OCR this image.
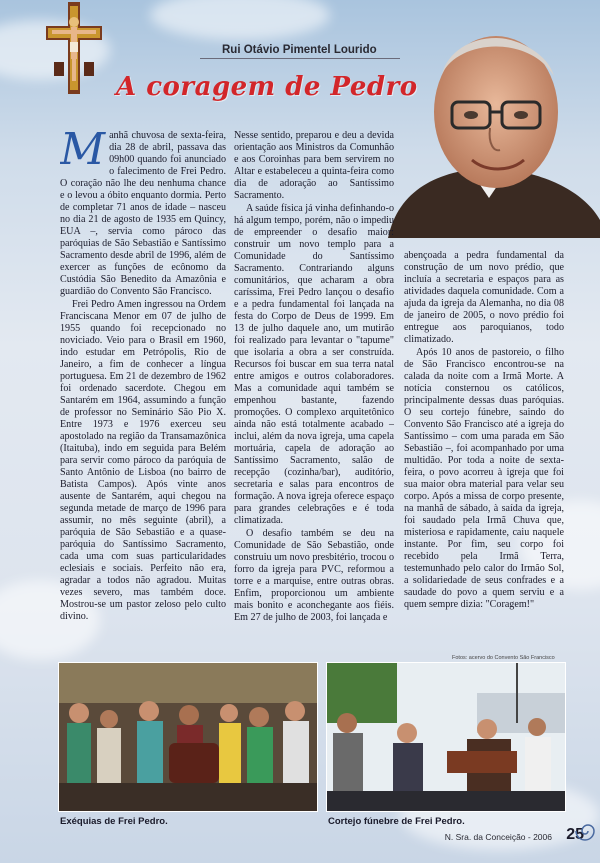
Rui Otávio Pimentel Lourido
A coragem de Pedro

Manhã chuvosa de sexta-feira, dia 28 de abril, passava das 09h00 quando foi anunciado o falecimento de Frei Pedro. O coração não lhe deu nenhuma chance e o levou a óbito enquanto dormia. Perto de completar 71 anos de idade – nasceu no dia 21 de agosto de 1935 em Quincy, EUA –, servia como pároco das paróquias de São Sebastião e Santíssimo Sacramento desde abril de 1996, além de exercer as funções de ecônomo da Custódia São Benedito da Amazônia e guardião do Convento São Francisco.

Frei Pedro Amen ingressou na Ordem Franciscana Menor em 07 de julho de 1955 quando foi recepcionado no noviciado. Veio para o Brasil em 1960, indo estudar em Petrópolis, Rio de Janeiro, a fim de conhecer a língua portuguesa. Em 21 de dezembro de 1962 foi ordenado sacerdote. Chegou em Santarém em 1964, assumindo a função de professor no Seminário São Pio X. Entre 1973 e 1976 exerceu seu apostolado na região da Transamazônica (Itaituba), indo em seguida para Belém para servir como pároco da paróquia de Santo Antônio de Lisboa (no bairro de Batista Campos). Após vinte anos ausente de Santarém, aqui chegou na segunda metade de março de 1996 para assumir, no mês seguinte (abril), a paróquia de São Sebastião e a quase-paróquia do Santíssimo Sacramento, cada uma com suas particularidades eclesiais e sociais. Perfeito não era, agradar a todos não agradou. Muitas vezes severo, mas também doce. Mostrou-se um pastor zeloso pelo culto divino.

Nesse sentido, preparou e deu a devida orientação aos Ministros da Comunhão e aos Coroinhas para bem servirem no Altar e estabeleceu a quinta-feira como dia de adoração ao Santíssimo Sacramento.

A saúde física já vinha definhando-o há algum tempo, porém, não o impediu de empreender o desafio maior: construir um novo templo para a Comunidade do Santíssimo Sacramento. Contrariando alguns comunitários, que acharam a obra caríssima, Frei Pedro lançou o desafio e a pedra fundamental foi lançada na festa do Corpo de Deus de 1999. Em 13 de julho daquele ano, um mutirão foi realizado para levantar o "tapume" que isolaria a obra a ser construída. Recursos foi buscar em sua terra natal entre amigos e outros colaboradores. Mas a comunidade aqui também se empenhou bastante, fazendo promoções. O complexo arquitetônico ainda não está totalmente acabado – inclui, além da nova igreja, uma capela mortuária, capela de adoração ao Santíssimo Sacramento, salão de recepção (cozinha/bar), auditório, secretaria e salas para encontros de formação. A nova igreja oferece espaço para grandes celebrações e é toda climatizada.

O desafio também se deu na Comunidade de São Sebastião, onde construiu um novo presbitério, trocou o forro da igreja para PVC, reformou a torre e a marquise, entre outras obras. Enfim, proporcionou um ambiente mais bonito e aconchegante aos fiéis. Em 27 de julho de 2003, foi lançada e

abençoada a pedra fundamental da construção de um novo prédio, que incluía a secretaria e espaços para as atividades daquela comunidade. Com a ajuda da igreja da Alemanha, no dia 08 de janeiro de 2005, o novo prédio foi entregue aos paroquianos, todo climatizado.

Após 10 anos de pastoreio, o filho de São Francisco encontrou-se na calada da noite com a Irmã Morte. A notícia consternou os católicos, principalmente dessas duas paróquias. O seu cortejo fúnebre, saindo do Convento São Francisco até a igreja do Santíssimo – com uma parada em São Sebastião –, foi acompanhado por uma multidão. Por toda a noite de sexta-feira, o povo acorreu à igreja que foi sua maior obra material para velar seu corpo. Após a missa de corpo presente, na manhã de sábado, à saída da igreja, foi saudado pela Irmã Chuva que, misteriosa e rapidamente, caiu naquele instante. Por fim, seu corpo foi recebido pela Irmã Terra, testemunhado pelo calor do Irmão Sol, a solidariedade de seus confrades e a saudade do povo a quem serviu e a quem sempre dizia: "Coragem!"

Fotos: acervo do Convento São Francisco
Exéquias de Frei Pedro.	Cortejo fúnebre de Frei Pedro.
N. Sra. da Conceição - 2006 25
